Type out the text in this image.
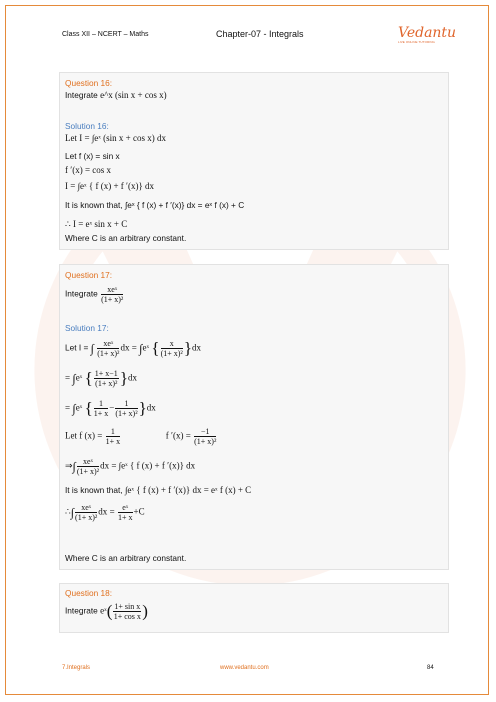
Class XII – NCERT – Maths	Chapter-07 - Integrals	Vedantu
LIVE ONLINE TUTORING
Question 16:
Integrate e^x (sin x + cos x)
Solution 16:
Let I = ∫eˣ (sin x + cos x) dx
Let f (x) = sin x
f ′(x) = cos x
I = ∫eˣ { f (x) + f ′(x)} dx
It is known that, ∫eˣ { f (x) + f ′(x)} dx = eˣ f (x) + C
∴ I = eˣ sin x + C
Where C is an arbitrary constant.
Question 17:
Integrate $\frac{\text{xeˣ}}{\text{(1+ x)²}}$
Solution 17:
Let I = ∫ $\frac{\text{xeˣ}}{\text{(1+ x)²}}$ dx = ∫eˣ { $\frac{x}{\text{(1+ x)²}} \}dx$
= ∫eˣ { $\frac{1+ x-1}{\text{(1+ x)²}} \}dx$
= ∫eˣ { $\frac{1}{1+ x} - \frac{1}{\text{(1+ x)²}} \}dx$
Let f $(x) = \frac{1}{1+ x}$	f $'(x) = \frac{-1}{\text{(1+ x)²}}$
⇒∫ $\frac{\text{xeˣ}}{\text{(1+ x)²}}$ dx = ∫eˣ { f (x) + f ′(x)} dx
It is known that, ∫eˣ { f (x) + f ′(x)} dx = eˣ f (x) + C
∴∫ $\frac{\text{xeˣ}}{\text{(1+ x)²}}$ dx = $\frac{\text{eˣ}}{1+ x} +C$
Where C is an arbitrary constant.
Question 18:
Integrate eˣ( $\frac{\text{1+ sin x}}{\text{1+ cos x}}$ )
7.Integrals	www.vedantu.com	84
